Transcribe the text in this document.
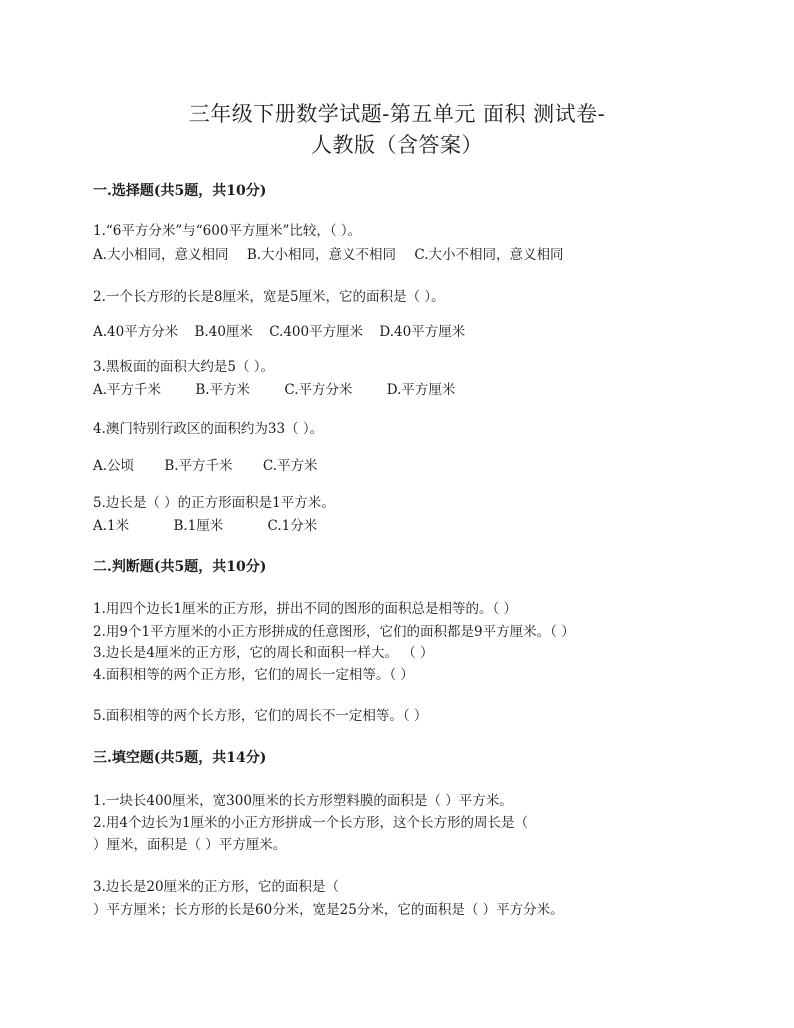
三年级下册数学试题-第五单元 面积 测试卷-
人教版（含答案）
一.选择题(共5题，共10分)
1.“6平方分米”与“600平方厘米”比较，（ ）。
A.大小相同，意义相同 B.大小相同，意义不相同 C.大小不相同，意义相同
2.一个长方形的长是8厘米，宽是5厘米，它的面积是（ ）。
A.40平方分米 B.40厘米 C.400平方厘米 D.40平方厘米
3.黑板面的面积大约是5（ ）。
A.平方千米	B.平方米	C.平方分米	D.平方厘米
4.澳门特别行政区的面积约为33（ ）。
A.公顷 B.平方千米 C.平方米
5.边长是（ ）的正方形面积是1平方米。
A.1米	B.1厘米	C.1分米
二.判断题(共5题，共10分)
1.用四个边长1厘米的正方形，拼出不同的图形的面积总是相等的。（ ）
2.用9个1平方厘米的小正方形拼成的任意图形，它们的面积都是9平方厘米。（ ）
3.边长是4厘米的正方形，它的周长和面积一样大。 （ ）
4.面积相等的两个正方形，它们的周长一定相等。（ ）
5.面积相等的两个长方形，它们的周长不一定相等。（ ）
三.填空题(共5题，共14分)
1.一块长400厘米，宽300厘米的长方形塑料膜的面积是（ ）平方米。
2.用4个边长为1厘米的小正方形拼成一个长方形，这个长方形的周长是（
）厘米，面积是（ ）平方厘米。
3.边长是20厘米的正方形，它的面积是（
）平方厘米；长方形的长是60分米，宽是25分米，它的面积是（ ）平方分米。
